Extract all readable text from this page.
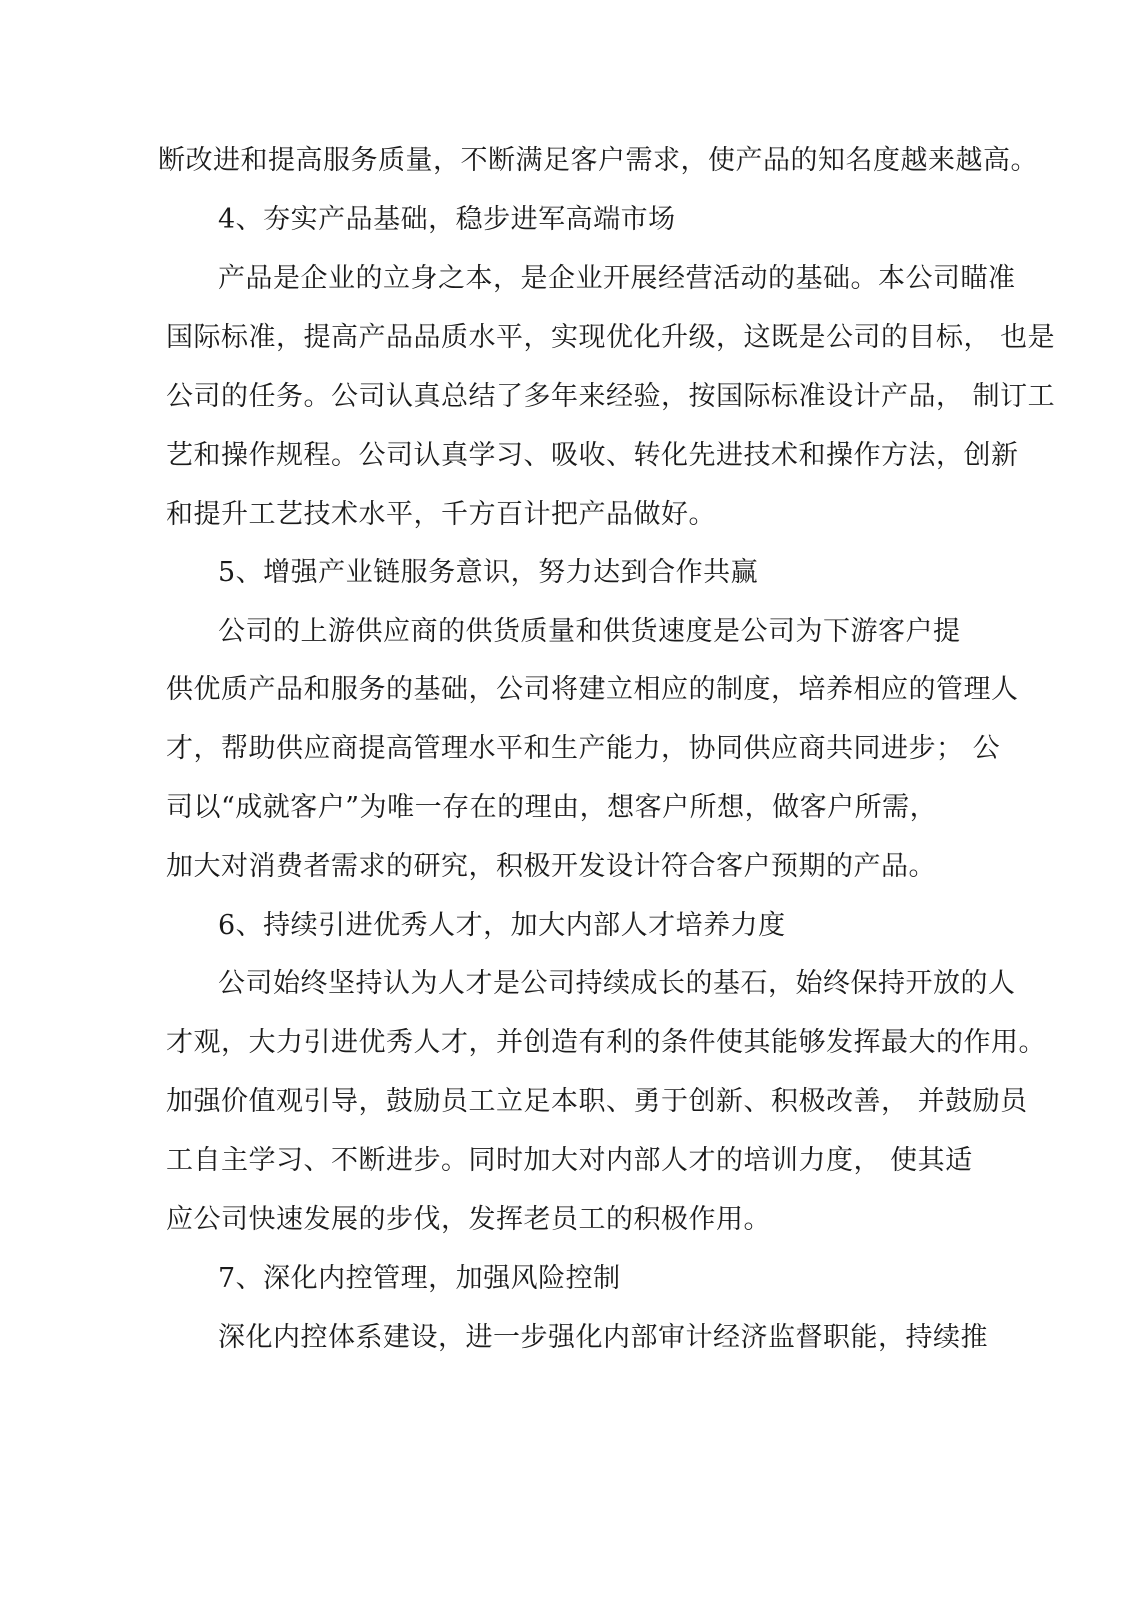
断改进和提高服务质量，不断满足客户需求，使产品的知名度越来越高。
4、夯实产品基础，稳步进军高端市场
产品是企业的立身之本，是企业开展经营活动的基础。本公司瞄准
国际标准，提高产品品质水平，实现优化升级，这既是公司的目标， 也是
公司的任务。公司认真总结了多年来经验，按国际标准设计产品， 制订工
艺和操作规程。公司认真学习、吸收、转化先进技术和操作方法，创新
和提升工艺技术水平，千方百计把产品做好。
5、增强产业链服务意识，努力达到合作共赢
公司的上游供应商的供货质量和供货速度是公司为下游客户提
供优质产品和服务的基础，公司将建立相应的制度，培养相应的管理人
才，帮助供应商提高管理水平和生产能力，协同供应商共同进步； 公
司以“成就客户”为唯一存在的理由，想客户所想，做客户所需，
加大对消费者需求的研究，积极开发设计符合客户预期的产品。
6、持续引进优秀人才，加大内部人才培养力度
公司始终坚持认为人才是公司持续成长的基石，始终保持开放的人
才观，大力引进优秀人才，并创造有利的条件使其能够发挥最大的作用。
加强价值观引导，鼓励员工立足本职、勇于创新、积极改善， 并鼓励员
工自主学习、不断进步。同时加大对内部人才的培训力度， 使其适
应公司快速发展的步伐，发挥老员工的积极作用。
7、深化内控管理，加强风险控制
深化内控体系建设，进一步强化内部审计经济监督职能，持续推
